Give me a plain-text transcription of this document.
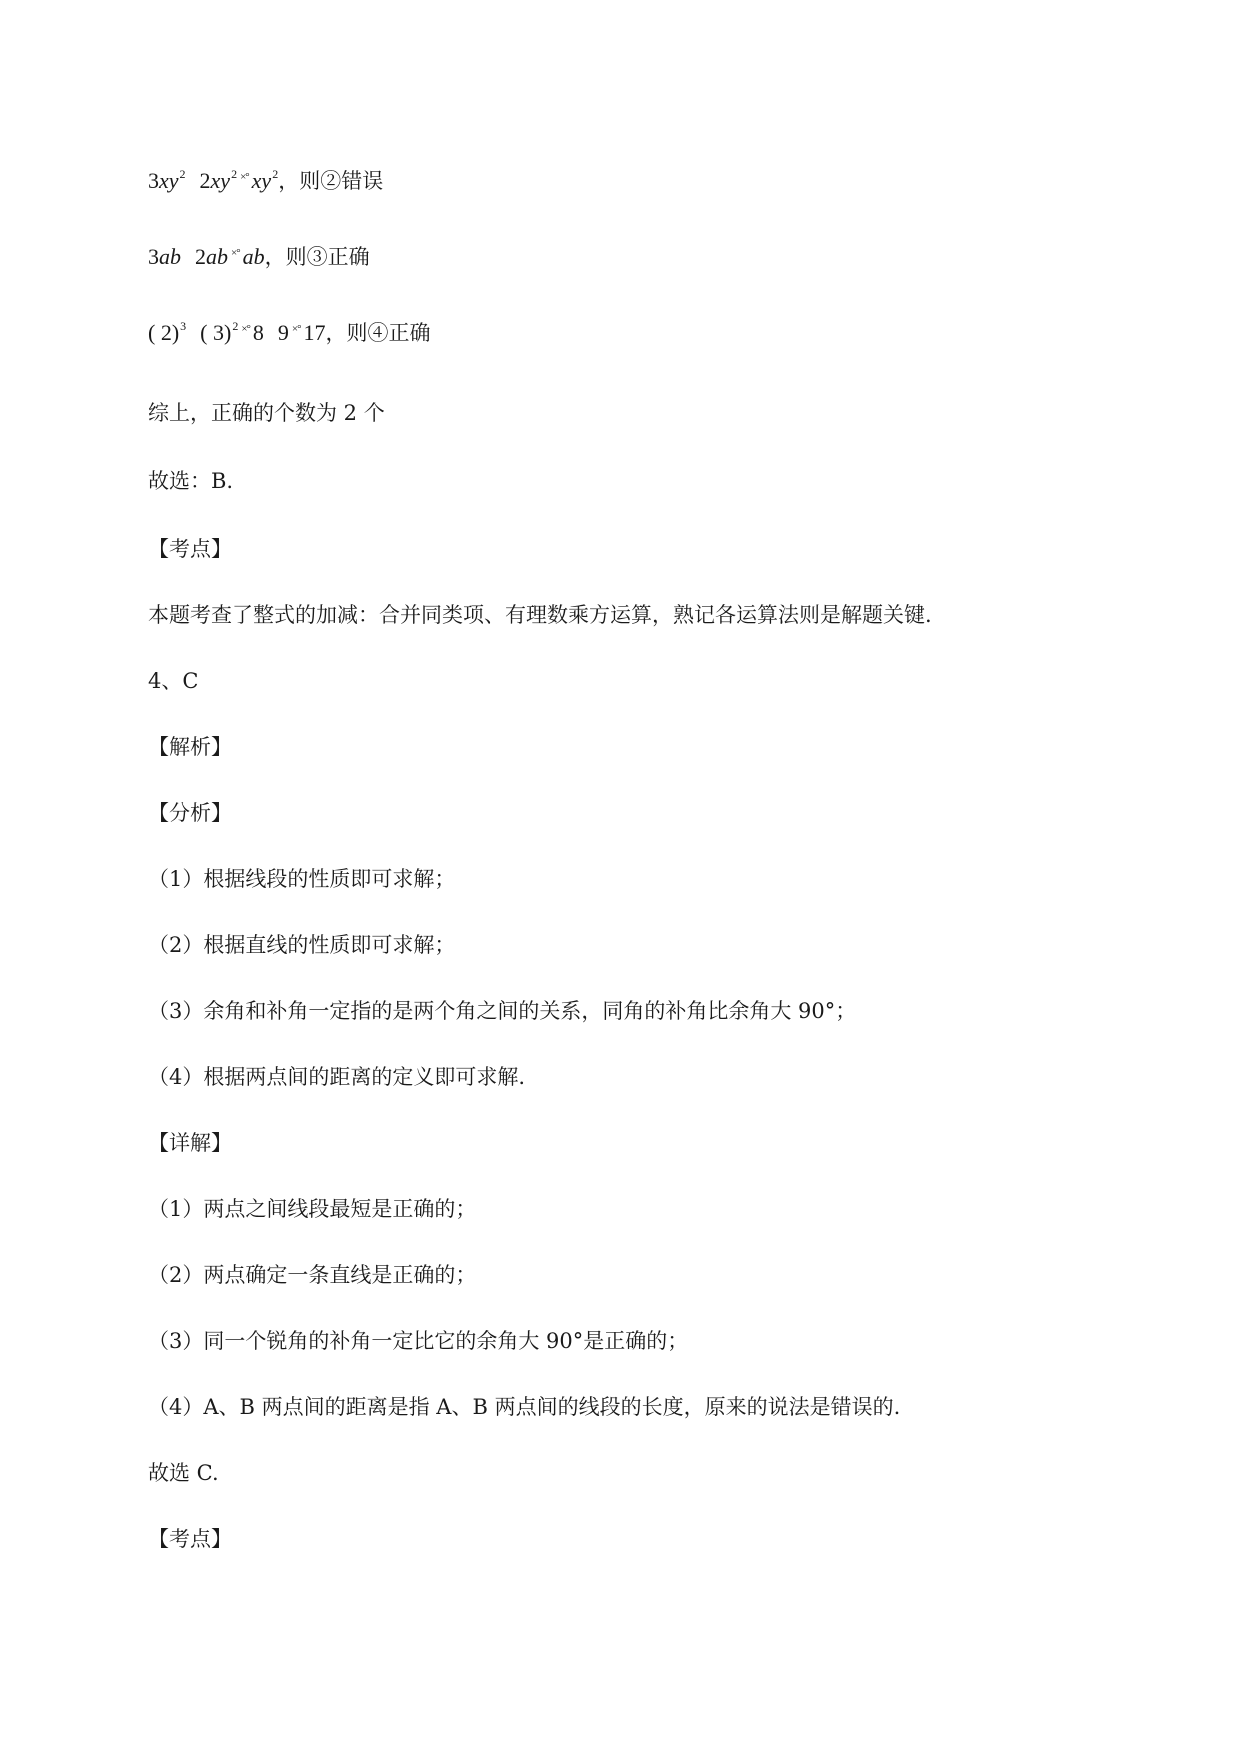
$3xy^2$ $2xy^2$ ×° $xy^2$，则②错误
3ab 2ab ×° ab，则③正确
( 2)$^3$ ( 3)$^2$ ×° 8 9 ×° 17，则④正确
综上，正确的个数为 2 个
故选：B.
【考点】
本题考查了整式的加减：合并同类项、有理数乘方运算，熟记各运算法则是解题关键.
4、C
【解析】
【分析】
（1）根据线段的性质即可求解；
（2）根据直线的性质即可求解；
（3）余角和补角一定指的是两个角之间的关系，同角的补角比余角大 90°；
（4）根据两点间的距离的定义即可求解.
【详解】
（1）两点之间线段最短是正确的；
（2）两点确定一条直线是正确的；
（3）同一个锐角的补角一定比它的余角大 90°是正确的；
（4）A、B 两点间的距离是指 A、B 两点间的线段的长度，原来的说法是错误的.
故选 C.
【考点】
